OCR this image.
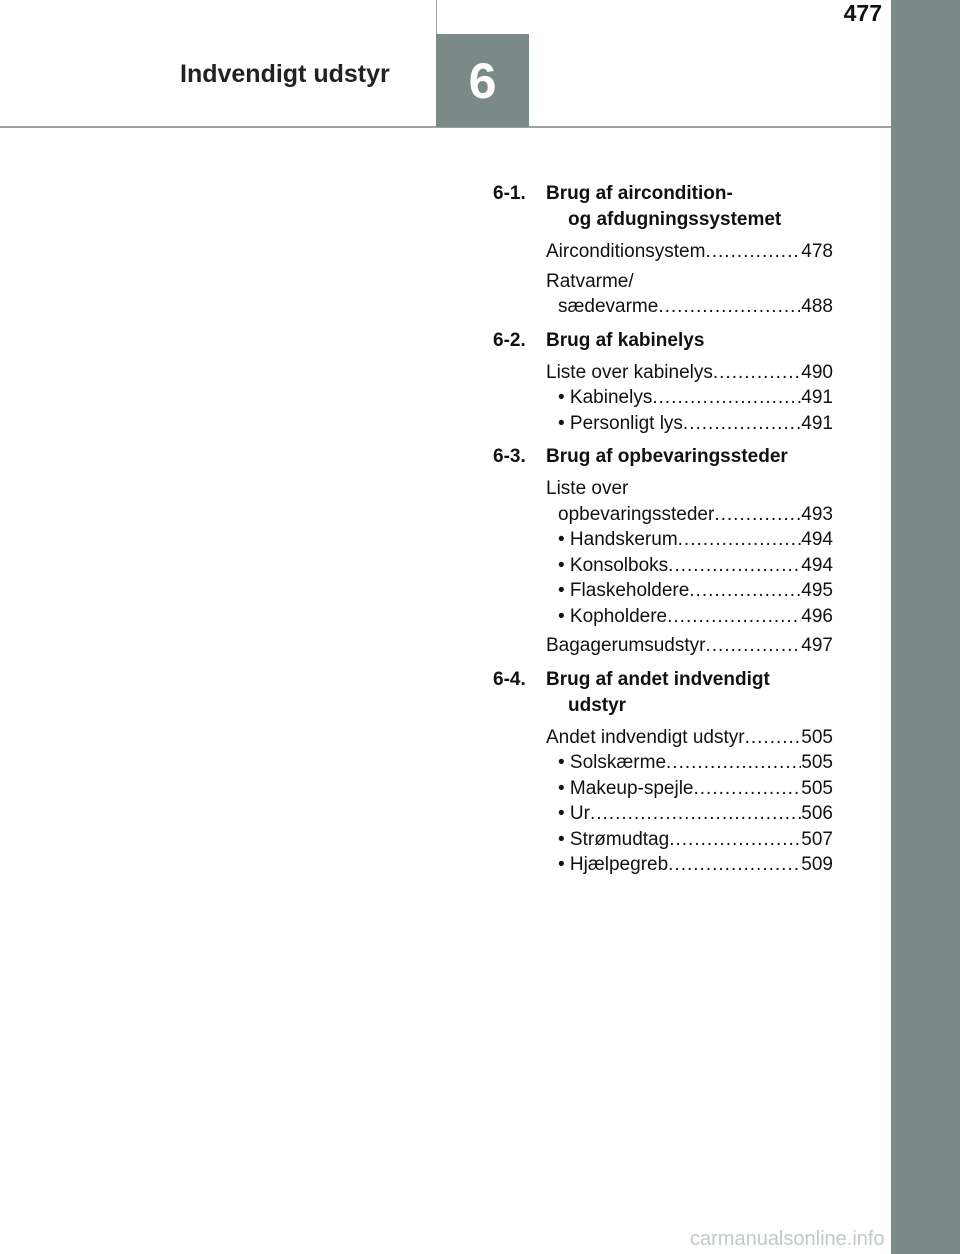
477
6
Indvendigt udstyr
6-1.	Brug af aircondition-
og afdugningssystemet
Airconditionsystem .....	478
Ratvarme/
sædevarme .....	488
6-2.	Brug af kabinelys
Liste over kabinelys .....	490
• Kabinelys .....	491
• Personligt lys .....	491
6-3.	Brug af opbevaringssteder
Liste over
opbevaringssteder .....	493
• Handskerum .....	494
• Konsolboks .....	494
• Flaskeholdere .....	495
• Kopholdere .....	496
Bagagerumsudstyr .....	497
6-4.	Brug af andet indvendigt
udstyr
Andet indvendigt udstyr .....	505
• Solskærme .....	505
• Makeup-spejle .....	505
• Ur .....	506
• Strømudtag .....	507
• Hjælpegreb .....	509
carmanualsonline.info
